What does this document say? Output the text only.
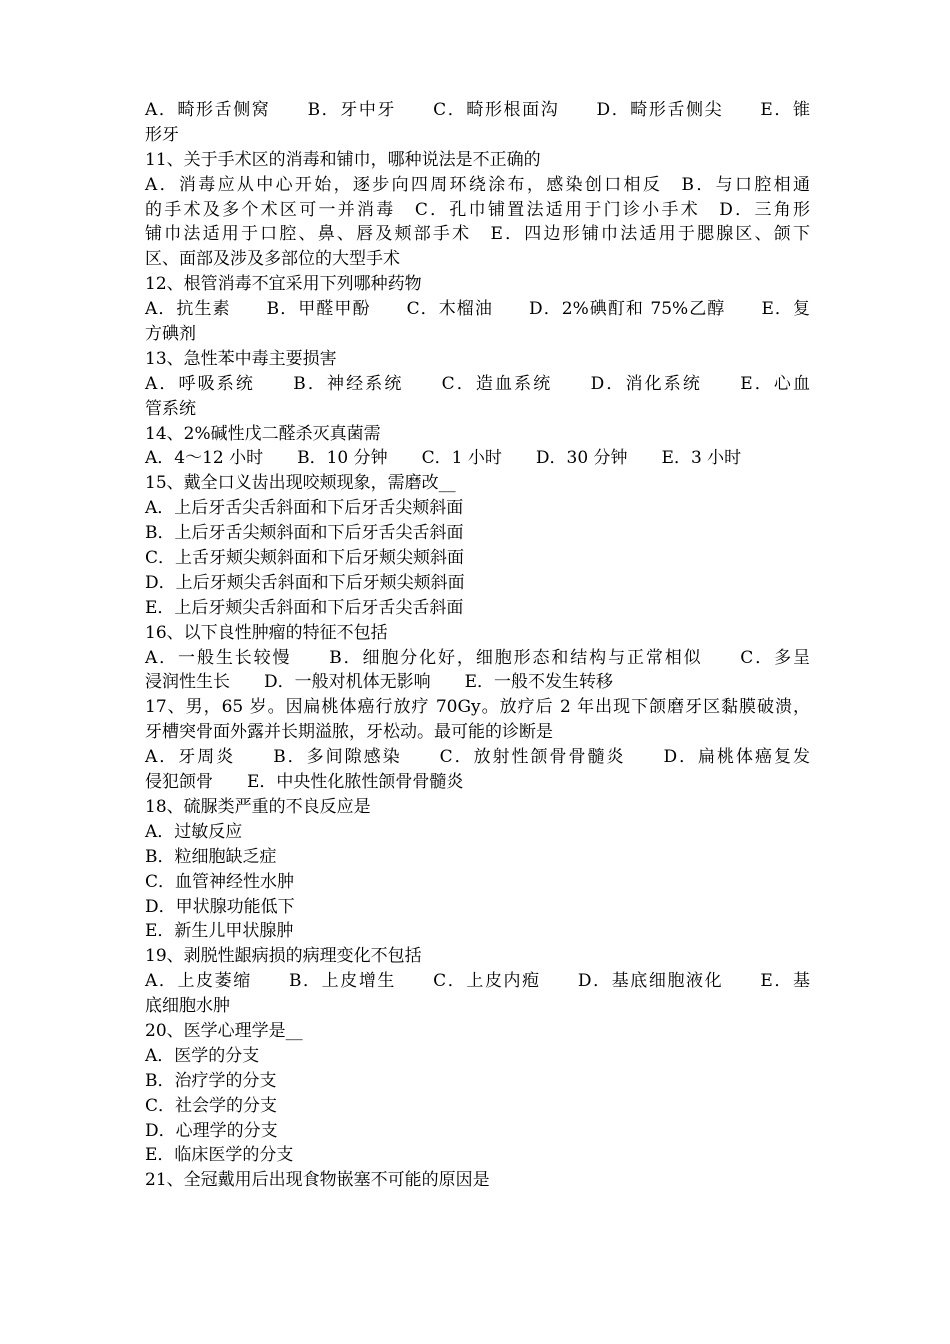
A．畸形舌侧窝　　B．牙中牙　　C．畸形根面沟　　D．畸形舌侧尖　　E．锥
形牙
11、关于手术区的消毒和铺巾，哪种说法是不正确的
A．消毒应从中心开始，逐步向四周环绕涂布，感染创口相反　B．与口腔相通
的手术及多个术区可一并消毒　C．孔巾铺置法适用于门诊小手术　D．三角形
铺巾法适用于口腔、鼻、唇及颊部手术　E．四边形铺巾法适用于腮腺区、颌下
区、面部及涉及多部位的大型手术
12、根管消毒不宜采用下列哪种药物
A．抗生素　　B．甲醛甲酚　　C．木榴油　　D．2%碘酊和 75%乙醇　　E．复
方碘剂
13、急性苯中毒主要损害
A．呼吸系统　　B．神经系统　　C．造血系统　　D．消化系统　　E．心血
管系统
14、2%碱性戊二醛杀灭真菌需
A．4～12 小时　　B．10 分钟　　C．1 小时　　D．30 分钟　　E．3 小时
15、戴全口义齿出现咬颊现象，需磨改__
A．上后牙舌尖舌斜面和下后牙舌尖颊斜面
B．上后牙舌尖颊斜面和下后牙舌尖舌斜面
C．上舌牙颊尖颊斜面和下后牙颊尖颊斜面
D．上后牙颊尖舌斜面和下后牙颊尖颊斜面
E．上后牙颊尖舌斜面和下后牙舌尖舌斜面
16、以下良性肿瘤的特征不包括
A．一般生长较慢　　B．细胞分化好，细胞形态和结构与正常相似　　C．多呈
浸润性生长　　D．一般对机体无影响　　E．一般不发生转移
17、男，65 岁。因扁桃体癌行放疗 70Gy。放疗后 2 年出现下颌磨牙区黏膜破溃，
牙槽突骨面外露并长期溢脓，牙松动。最可能的诊断是
A．牙周炎　　B．多间隙感染　　C．放射性颌骨骨髓炎　　D．扁桃体癌复发
侵犯颌骨　　E．中央性化脓性颌骨骨髓炎
18、硫脲类严重的不良反应是
A．过敏反应
B．粒细胞缺乏症
C．血管神经性水肿
D．甲状腺功能低下
E．新生儿甲状腺肿
19、剥脱性龈病损的病理变化不包括
A．上皮萎缩　　B．上皮增生　　C．上皮内疱　　D．基底细胞液化　　E．基
底细胞水肿
20、医学心理学是__
A．医学的分支
B．治疗学的分支
C．社会学的分支
D．心理学的分支
E．临床医学的分支
21、全冠戴用后出现食物嵌塞不可能的原因是
